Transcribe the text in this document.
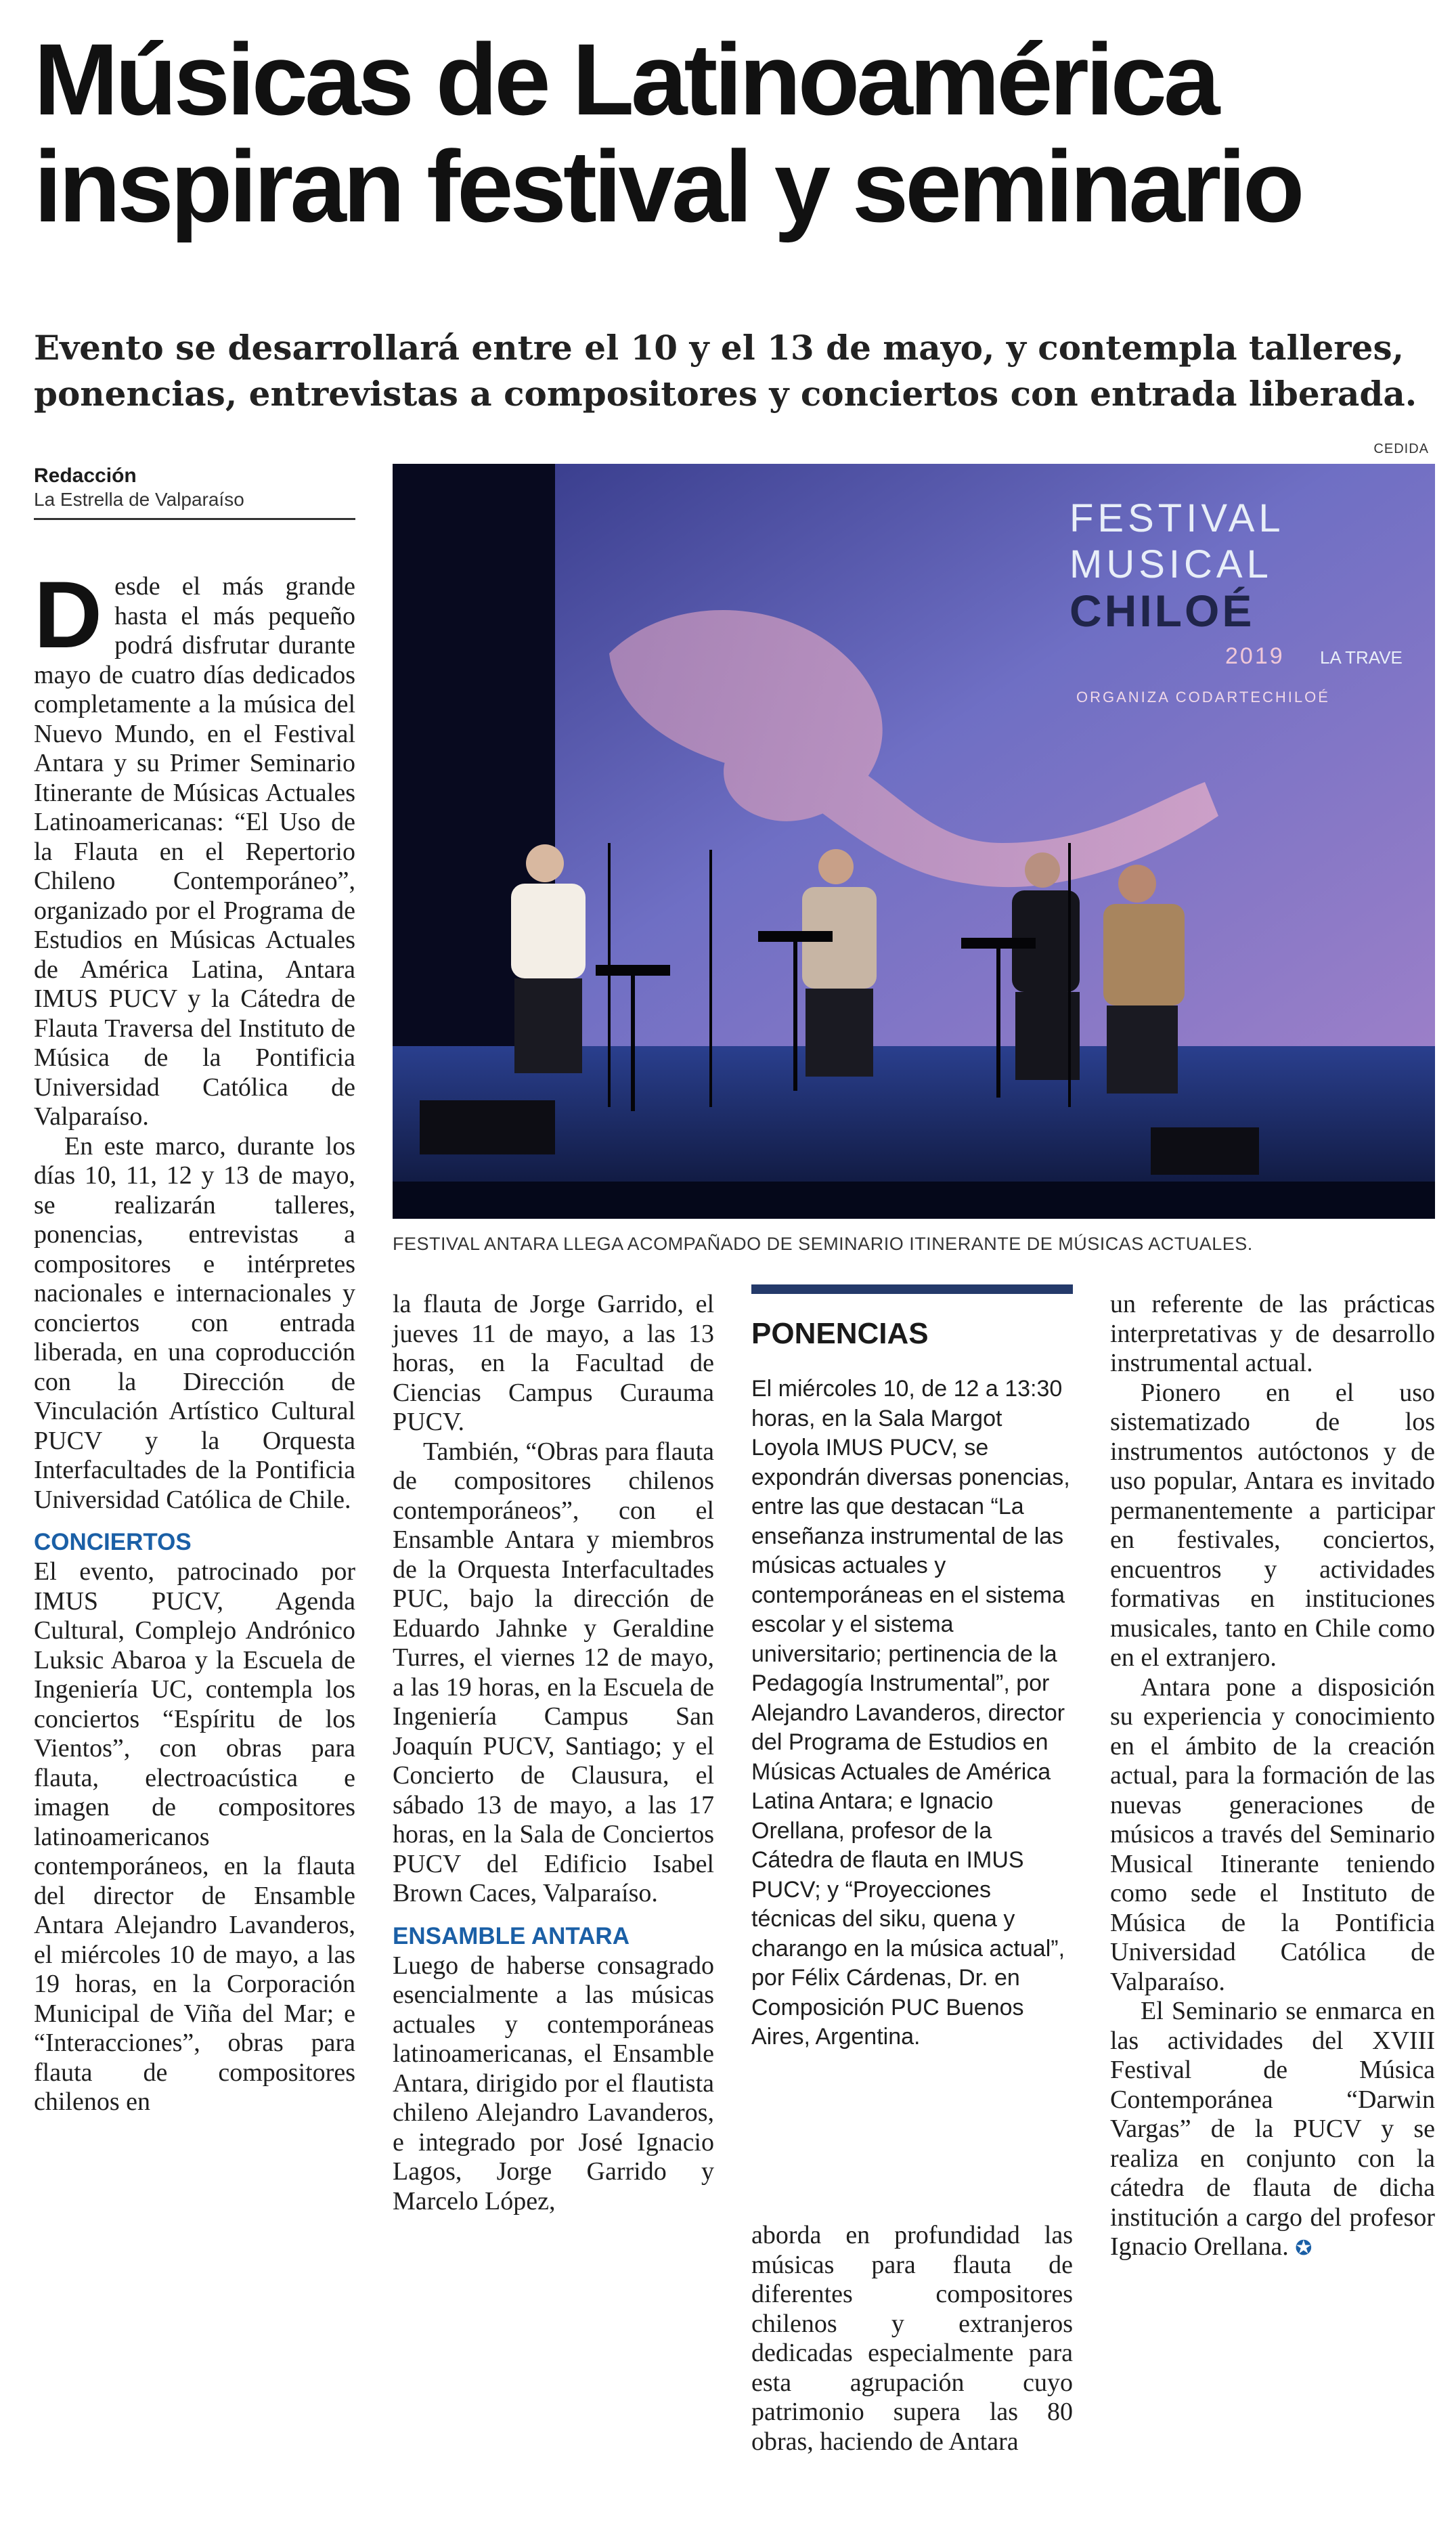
Músicas de Latinoamérica inspiran festival y seminario
Evento se desarrollará entre el 10 y el 13 de mayo, y contempla talleres, ponencias, entrevistas a compositores y conciertos con entrada liberada.
Redacción
La Estrella de Valparaíso
CEDIDA
FESTIVAL
MUSICAL
CHILOÉ
2019 LA TRAVE
ORGANIZA CODARTECHILOÉ
FESTIVAL ANTARA LLEGA ACOMPAÑADO DE SEMINARIO ITINERANTE DE MÚSICAS ACTUALES.

Desde el más grande hasta el más pequeño podrá disfrutar durante mayo de cuatro días dedicados completamente a la música del Nuevo Mundo, en el Festival Antara y su Primer Seminario Itinerante de Músicas Actuales Latinoamericanas: “El Uso de la Flauta en el Repertorio Chileno Contemporáneo”, organizado por el Programa de Estudios en Músicas Actuales de América Latina, Antara IMUS PUCV y la Cátedra de Flauta Traversa del Instituto de Música de la Pontificia Universidad Católica de Valparaíso.

En este marco, durante los días 10, 11, 12 y 13 de mayo, se realizarán talleres, ponencias, entrevistas a compositores e intérpretes nacionales e internacionales y conciertos con entrada liberada, en una coproducción con la Dirección de Vinculación Artístico Cultural PUCV y la Orquesta Interfacultades de la Pontificia Universidad Católica de Chile.

CONCIERTOS

El evento, patrocinado por IMUS PUCV, Agenda Cultural, Complejo Andrónico Luksic Abaroa y la Escuela de Ingeniería UC, contempla los conciertos “Espíritu de los Vientos”, con obras para flauta, electroacústica e imagen de compositores latinoamericanos contemporáneos, en la flauta del director de Ensamble Antara Alejandro Lavanderos, el miércoles 10 de mayo, a las 19 horas, en la Corporación Municipal de Viña del Mar; e “Interacciones”, obras para flauta de compositores chilenos en

la flauta de Jorge Garrido, el jueves 11 de mayo, a las 13 horas, en la Facultad de Ciencias Campus Curauma PUCV.

También, “Obras para flauta de compositores chilenos contemporáneos”, con el Ensamble Antara y miembros de la Orquesta Interfacultades PUC, bajo la dirección de Eduardo Jahnke y Geraldine Turres, el viernes 12 de mayo, a las 19 horas, en la Escuela de Ingeniería Campus San Joaquín PUCV, Santiago; y el Concierto de Clausura, el sábado 13 de mayo, a las 17 horas, en la Sala de Conciertos PUCV del Edificio Isabel Brown Caces, Valparaíso.

ENSAMBLE ANTARA

Luego de haberse consagrado esencialmente a las músicas actuales y contemporáneas latinoamericanas, el Ensamble Antara, dirigido por el flautista chileno Alejandro Lavanderos, e integrado por José Ignacio Lagos, Jorge Garrido y Marcelo López,

PONENCIAS

El miércoles 10, de 12 a 13:30 horas, en la Sala Margot Loyola IMUS PUCV, se expondrán diversas ponencias, entre las que destacan “La enseñanza instrumental de las músicas actuales y contemporáneas en el sistema escolar y el sistema universitario; pertinencia de la Pedagogía Instrumental”, por Alejandro Lavanderos, director del Programa de Estudios en Músicas Actuales de América Latina Antara; e Ignacio Orellana, profesor de la Cátedra de flauta en IMUS PUCV; y “Proyecciones técnicas del siku, quena y charango en la música actual”, por Félix Cárdenas, Dr. en Composición PUC Buenos Aires, Argentina.

aborda en profundidad las músicas para flauta de diferentes compositores chilenos y extranjeros dedicadas especialmente para esta agrupación cuyo patrimonio supera las 80 obras, haciendo de Antara

un referente de las prácticas interpretativas y de desarrollo instrumental actual.

Pionero en el uso sistematizado de los instrumentos autóctonos y de uso popular, Antara es invitado permanentemente a participar en festivales, conciertos, encuentros y actividades formativas en instituciones musicales, tanto en Chile como en el extranjero.

Antara pone a disposición su experiencia y conocimiento en el ámbito de la creación actual, para la formación de las nuevas generaciones de músicos a través del Seminario Musical Itinerante teniendo como sede el Instituto de Música de la Pontificia Universidad Católica de Valparaíso.

El Seminario se enmarca en las actividades del XVIII Festival de Música Contemporánea “Darwin Vargas” de la PUCV y se realiza en conjunto con la cátedra de flauta de dicha institución a cargo del profesor Ignacio Orellana. ✪
